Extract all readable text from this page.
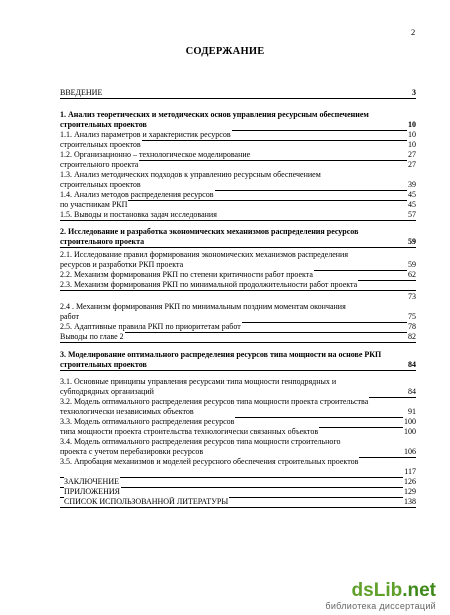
2
СОДЕРЖАНИЕ
ВВЕДЕНИЕ	3
1. Анализ теоретических и методических основ управления ресурсным обеспечением
строительных проектов	10
1.1. Анализ параметров и характеристик ресурсов	10
строительных проектов	10
1.2. Организационно – технологическое моделирование	27
строительного проекта	27
1.3. Анализ методических подходов к управлению ресурсным обеспечением
строительных проектов	39
1.4. Анализ методов распределения ресурсов	45
по участникам РКП	45
1.5. Выводы и постановка задач исследования	57
2. Исследование и разработка экономических механизмов распределения ресурсов
строительного проекта	59
2.1. Исследование правил формирования экономических механизмов распределения
ресурсов и разработки РКП проекта	59
2.2. Механизм формирования РКП по степени критичности работ проекта	62
2.3. Механизм формирования РКП по минимальной продолжительности работ проекта
73
2.4 . Механизм формирования РКП по минимальным поздним моментам окончания
работ	75
2.5. Адаптивные правила РКП по приоритетам работ	78
Выводы по главе 2	82
3. Моделирование оптимального распределения ресурсов типа мощности на основе РКП
строительных проектов	84
3.1. Основные принципы управления ресурсами типа мощности генподрядных и
субподрядных организаций	84
3.2. Модель оптимального распределения ресурсов типа мощности проекта строительства
технологически независимых объектов	91
3.3. Модель оптимального распределения ресурсов	100
типа мощности проекта строительства технологически связанных объектов	100
3.4. Модель оптимального распределения ресурсов типа мощности строительного
проекта с учетом перебазировки ресурсов	106
3.5. Апробация механизмов и моделей ресурсного обеспечения строительных проектов
117
ЗАКЛЮЧЕНИЕ	126
ПРИЛОЖЕНИЯ	129
СПИСОК ИСПОЛЬЗОВАННОЙ ЛИТЕРАТУРЫ	138
dsLib.net
библиотека диссертаций
